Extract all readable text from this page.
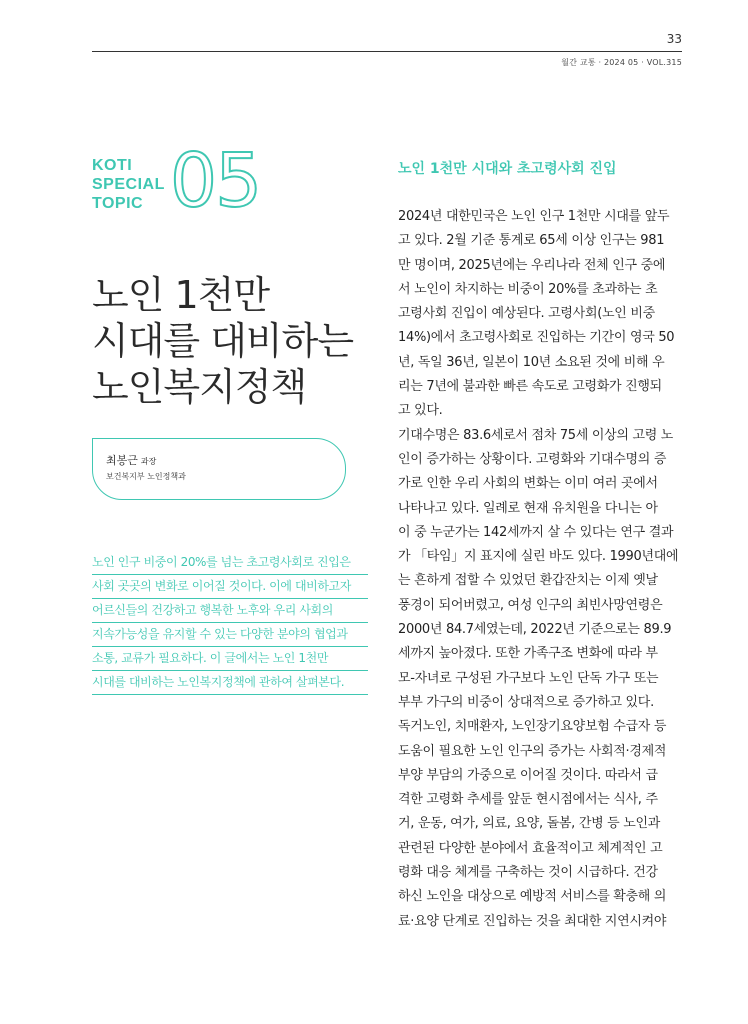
33
월간 교통 · 2024 05 · VOL.315
KOTI
SPECIAL
TOPIC 05
노인 1천만
시대를 대비하는
노인복지정책
최봉근 과장
보건복지부 노인정책과
노인 인구 비중이 20%를 넘는 초고령사회로 진입은
사회 곳곳의 변화로 이어질 것이다. 이에 대비하고자
어르신들의 건강하고 행복한 노후와 우리 사회의
지속가능성을 유지할 수 있는 다양한 분야의 협업과
소통, 교류가 필요하다. 이 글에서는 노인 1천만
시대를 대비하는 노인복지정책에 관하여 살펴본다.
노인 1천만 시대와 초고령사회 진입
2024년 대한민국은 노인 인구 1천만 시대를 앞두
고 있다. 2월 기준 통계로 65세 이상 인구는 981
만 명이며, 2025년에는 우리나라 전체 인구 중에
서 노인이 차지하는 비중이 20%를 초과하는 초
고령사회 진입이 예상된다. 고령사회(노인 비중
14%)에서 초고령사회로 진입하는 기간이 영국 50
년, 독일 36년, 일본이 10년 소요된 것에 비해 우
리는 7년에 불과한 빠른 속도로 고령화가 진행되
고 있다.
기대수명은 83.6세로서 점차 75세 이상의 고령 노
인이 증가하는 상황이다. 고령화와 기대수명의 증
가로 인한 우리 사회의 변화는 이미 여러 곳에서
나타나고 있다. 일례로 현재 유치원을 다니는 아
이 중 누군가는 142세까지 살 수 있다는 연구 결과
가 「타임」지 표지에 실린 바도 있다. 1990년대에
는 흔하게 접할 수 있었던 환갑잔치는 이제 옛날
풍경이 되어버렸고, 여성 인구의 최빈사망연령은
2000년 84.7세였는데, 2022년 기준으로는 89.9
세까지 높아졌다. 또한 가족구조 변화에 따라 부
모-자녀로 구성된 가구보다 노인 단독 가구 또는
부부 가구의 비중이 상대적으로 증가하고 있다.
독거노인, 치매환자, 노인장기요양보험 수급자 등
도움이 필요한 노인 인구의 증가는 사회적·경제적
부양 부담의 가중으로 이어질 것이다. 따라서 급
격한 고령화 추세를 앞둔 현시점에서는 식사, 주
거, 운동, 여가, 의료, 요양, 돌봄, 간병 등 노인과
관련된 다양한 분야에서 효율적이고 체계적인 고
령화 대응 체계를 구축하는 것이 시급하다. 건강
하신 노인을 대상으로 예방적 서비스를 확충해 의
료·요양 단계로 진입하는 것을 최대한 지연시켜야
